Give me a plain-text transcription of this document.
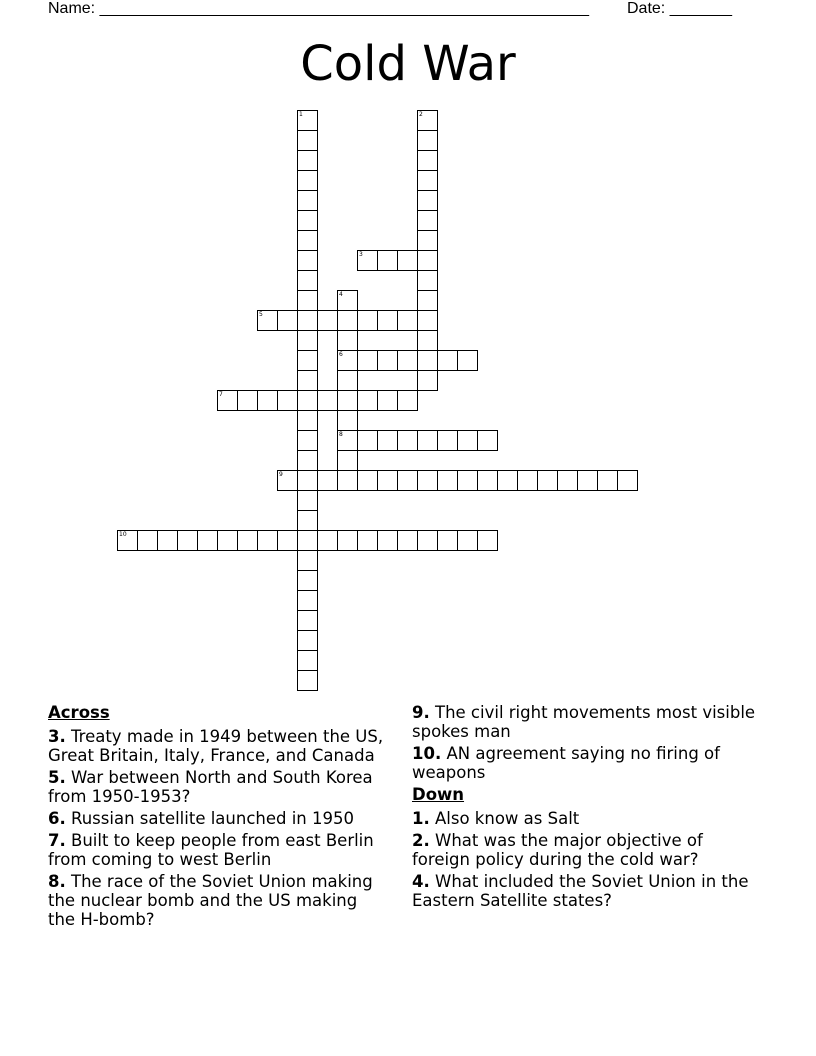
Name: _______________________________________________________ Date: _______
Cold War
1	2
3
4
6
8
5
7
9
10
Across
3. Treaty made in 1949 between the US, Great Britain, Italy, France, and Canada
5. War between North and South Korea from 1950-1953?
6. Russian satellite launched in 1950
7. Built to keep people from east Berlin from coming to west Berlin
8. The race of the Soviet Union making the nuclear bomb and the US making the H-bomb?
9. The civil right movements most visible spokes man
10. AN agreement saying no firing of weapons
Down
1. Also know as Salt
2. What was the major objective of foreign policy during the cold war?
4. What included the Soviet Union in the Eastern Satellite states?
